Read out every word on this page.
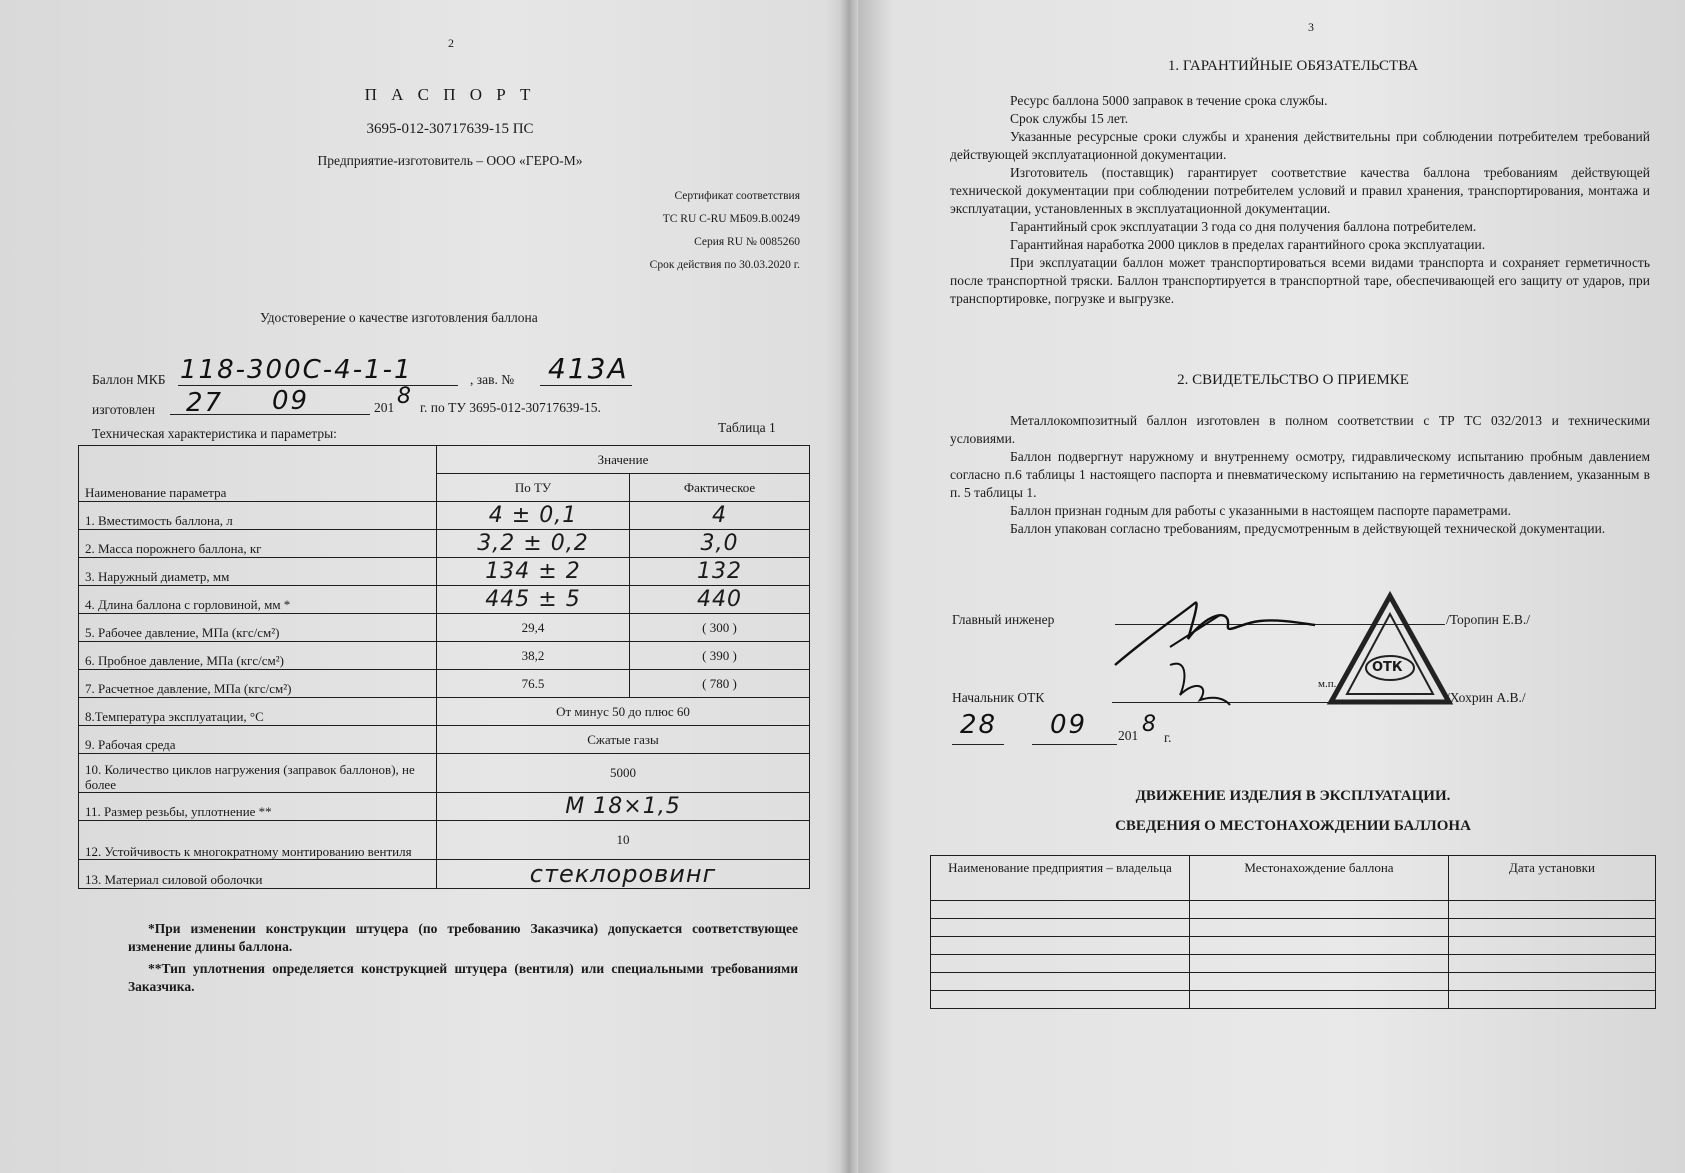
2
П А С П О Р Т
3695-012-30717639-15 ПС
Предприятие-изготовитель – ООО «ГЕРО-М»
Сертификат соответствия
ТС RU C-RU МБ09.В.00249
Серия RU № 0085260
Срок действия по 30.03.2020 г.
Удостоверение о качестве изготовления баллона
Баллон МКБ 118-300С-4-1-1	, зав. № 413А
изготовлен 27 09	201 8 г. по ТУ 3695-012-30717639-15.
Техническая характеристика и параметры:	Таблица 1
Наименование параметра	Значение	
	По ТУ	Фактическое
1. Вместимость баллона, л	4 ± 0,1	4
2. Масса порожнего баллона, кг	3,2 ± 0,2	3,0
3. Наружный диаметр, мм	134 ± 2	132
4. Длина баллона с горловиной, мм *	445 ± 5	440
5. Рабочее давление, МПа (кгс/см²)	29,4	( 300 )
6. Пробное давление, МПа (кгс/см²)	38,2	( 390 )
7. Расчетное давление, МПа (кгс/см²)	76.5	( 780 )
8.Температура эксплуатации, °С	От минус 50 до плюс 60	
9. Рабочая среда	Сжатые газы	
10. Количество циклов нагружения (заправок баллонов), не более	5000	
11. Размер резьбы, уплотнение **	М 18×1,5	
12. Устойчивость к многократному монтированию вентиля	10	
13. Материал силовой оболочки	стеклоровинг	
*При изменении конструкции штуцера (по требованию Заказчика) допускается соответствующее изменение длины баллона.
**Тип уплотнения определяется конструкцией штуцера (вентиля) или специальными требованиями Заказчика.
3
1. ГАРАНТИЙНЫЕ ОБЯЗАТЕЛЬСТВА
Ресурс баллона 5000 заправок в течение срока службы.
Срок службы 15 лет.
Указанные ресурсные сроки службы и хранения действительны при соблюдении потребителем требований действующей эксплуатационной документации.
Изготовитель (поставщик) гарантирует соответствие качества баллона требованиям действующей технической документации при соблюдении потребителем условий и правил хранения, транспортирования, монтажа и эксплуатации, установленных в эксплуатационной документации.
Гарантийный срок эксплуатации 3 года со дня получения баллона потребителем.
Гарантийная наработка 2000 циклов в пределах гарантийного срока эксплуатации.
При эксплуатации баллон может транспортироваться всеми видами транспорта и сохраняет герметичность после транспортной тряски. Баллон транспортируется в транспортной таре, обеспечивающей его защиту от ударов, при транспортировке, погрузке и выгрузке.
2. СВИДЕТЕЛЬСТВО О ПРИЕМКЕ
Металлокомпозитный баллон изготовлен в полном соответствии с ТР ТС 032/2013 и техническими условиями.
Баллон подвергнут наружному и внутреннему осмотру, гидравлическому испытанию пробным давлением согласно п.6 таблицы 1 настоящего паспорта и пневматическому испытанию на герметичность давлением, указанным в п. 5 таблицы 1.
Баллон признан годным для работы с указанными в настоящем паспорте параметрами.
Баллон упакован согласно требованиям, предусмотренным в действующей технической документации.
Главный инженер	/Торопин Е.В./
Начальник ОТК	/Хохрин А.В./
ОТК
м.п.
28 09 201 8
г.
ДВИЖЕНИЕ ИЗДЕЛИЯ В ЭКСПЛУАТАЦИИ.
СВЕДЕНИЯ О МЕСТОНАХОЖДЕНИИ БАЛЛОНА
Наименование предприятия – владельца	Местонахождение баллона	Дата установки
